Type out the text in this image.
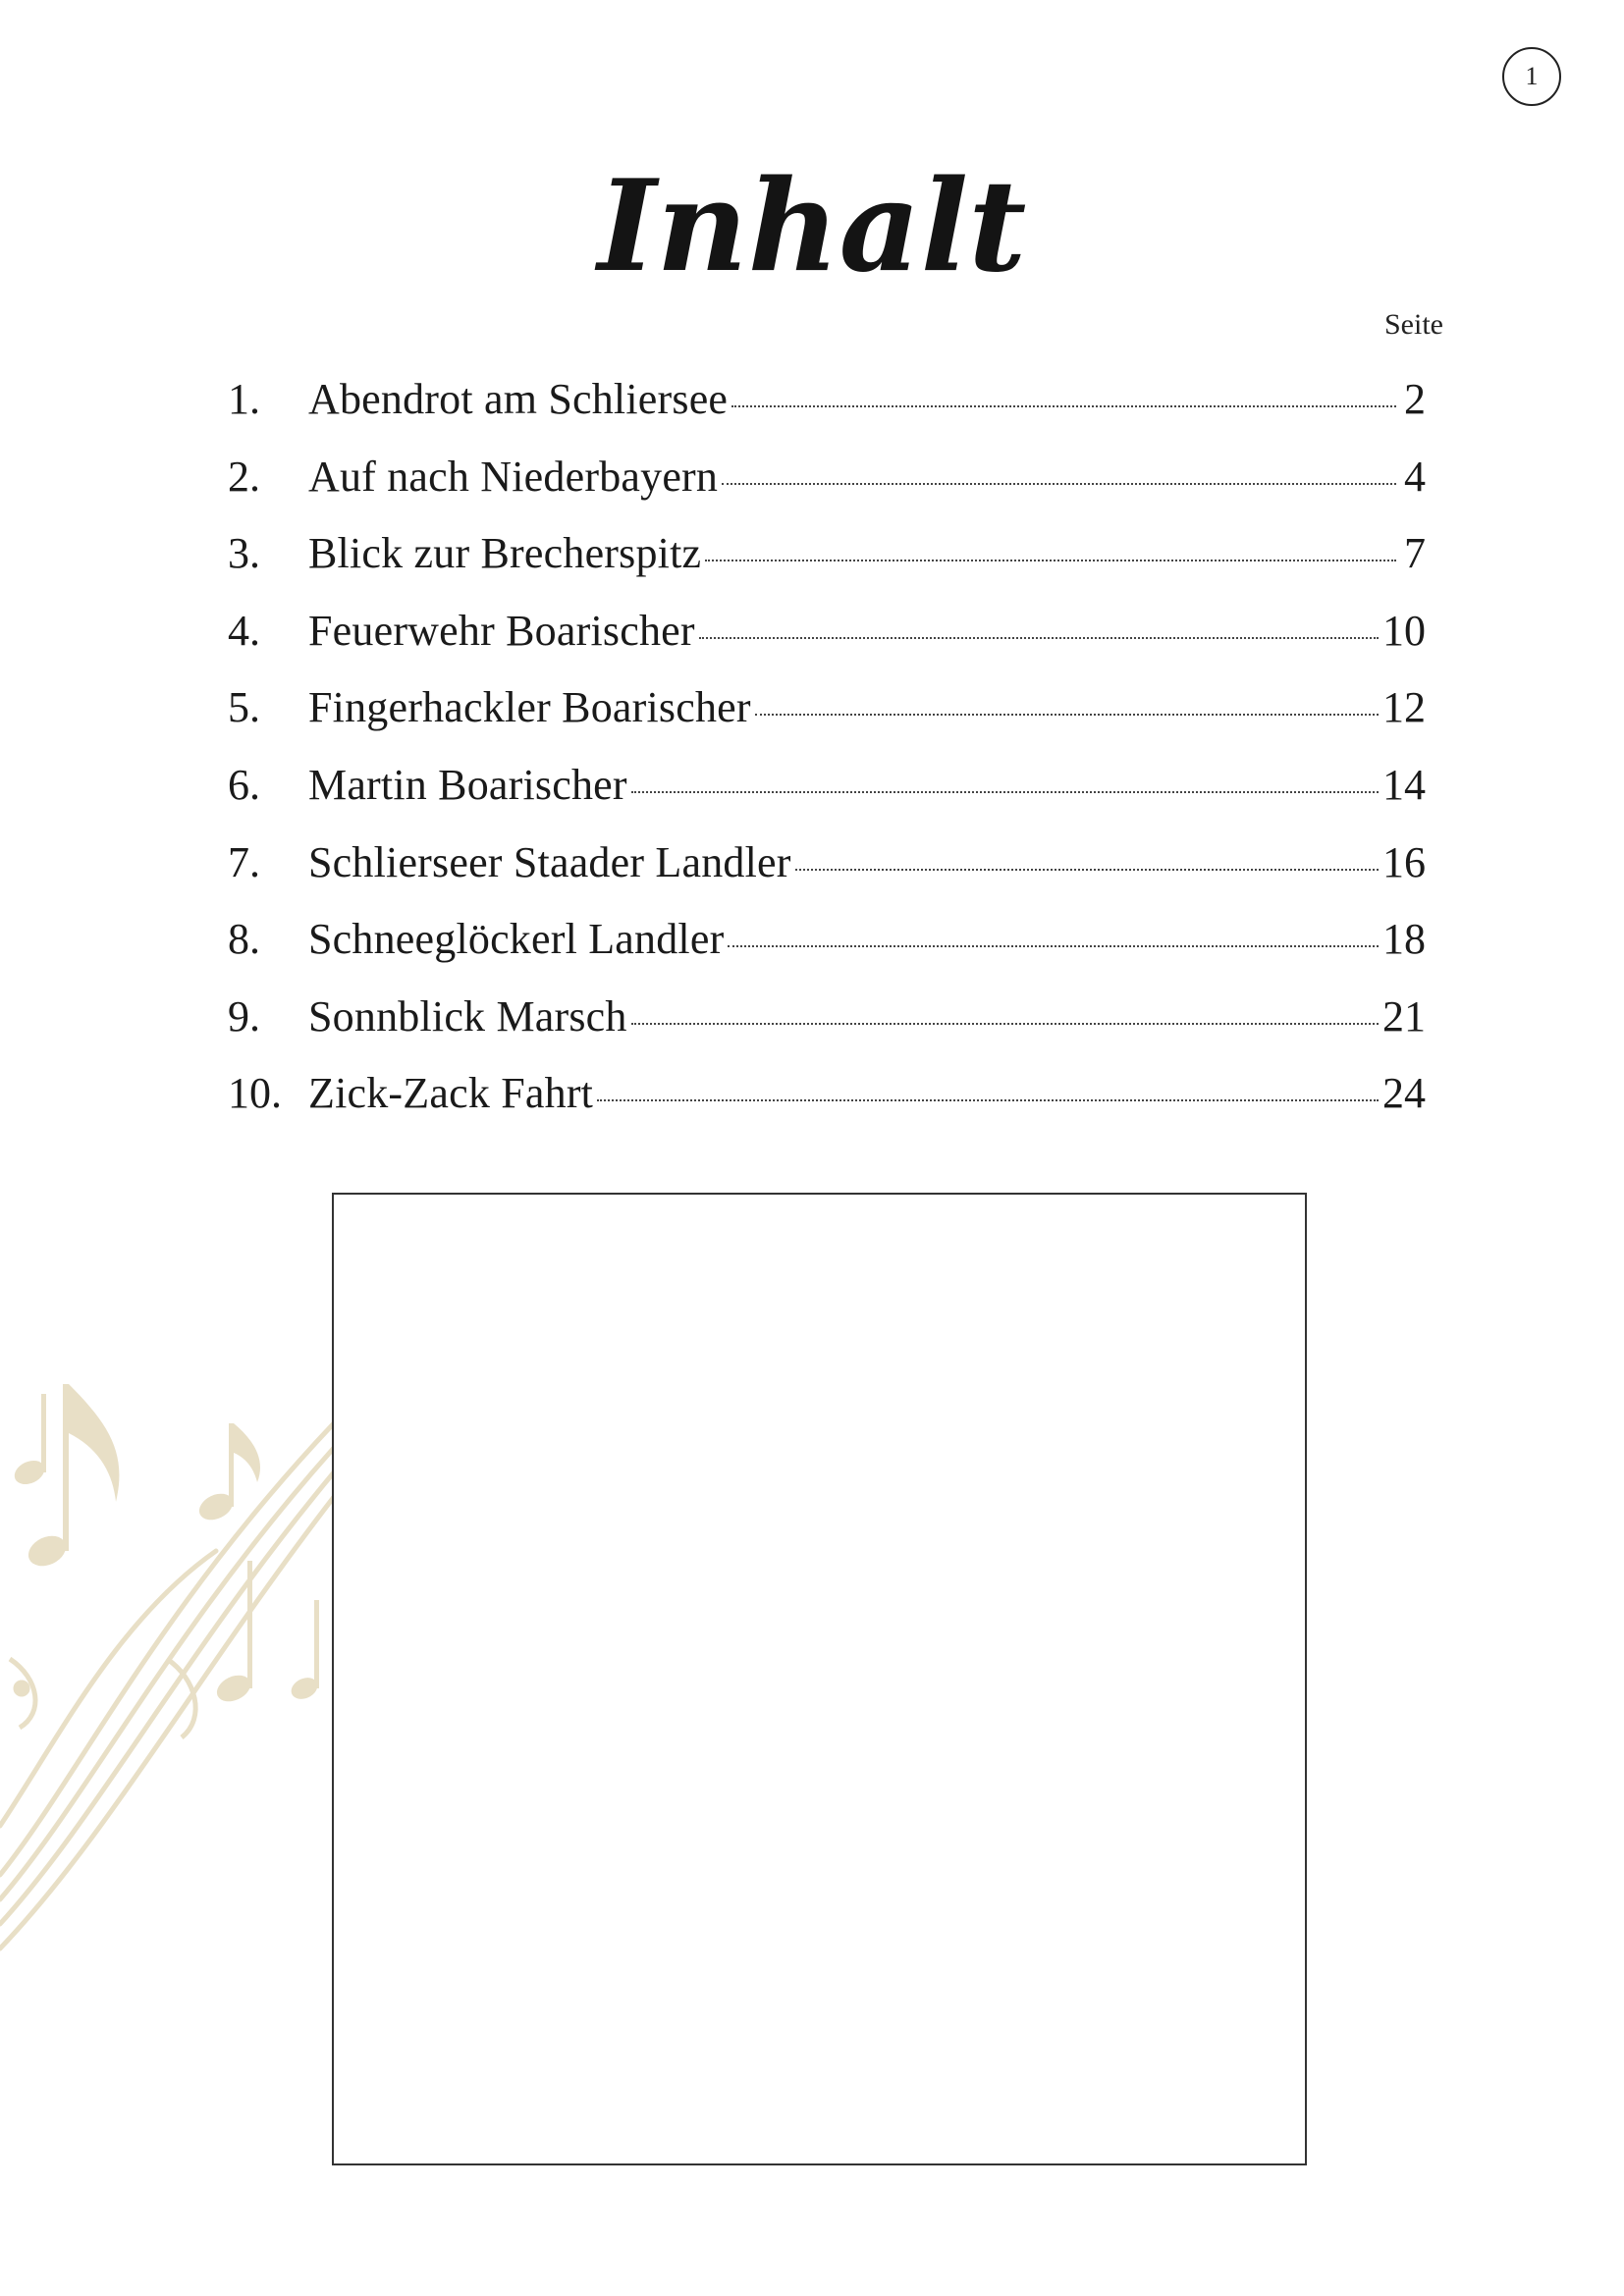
1
Inhalt
Seite
1.	Abendrot am Schliersee	2
2.	Auf nach Niederbayern	4
3.	Blick zur Brecherspitz	7
4.	Feuerwehr Boarischer	10
5.	Fingerhackler Boarischer	12
6.	Martin Boarischer	14
7.	Schlierseer Staader Landler	16
8.	Schneeglöckerl Landler	18
9.	Sonnblick Marsch	21
10. Zick-Zack Fahrt	24
